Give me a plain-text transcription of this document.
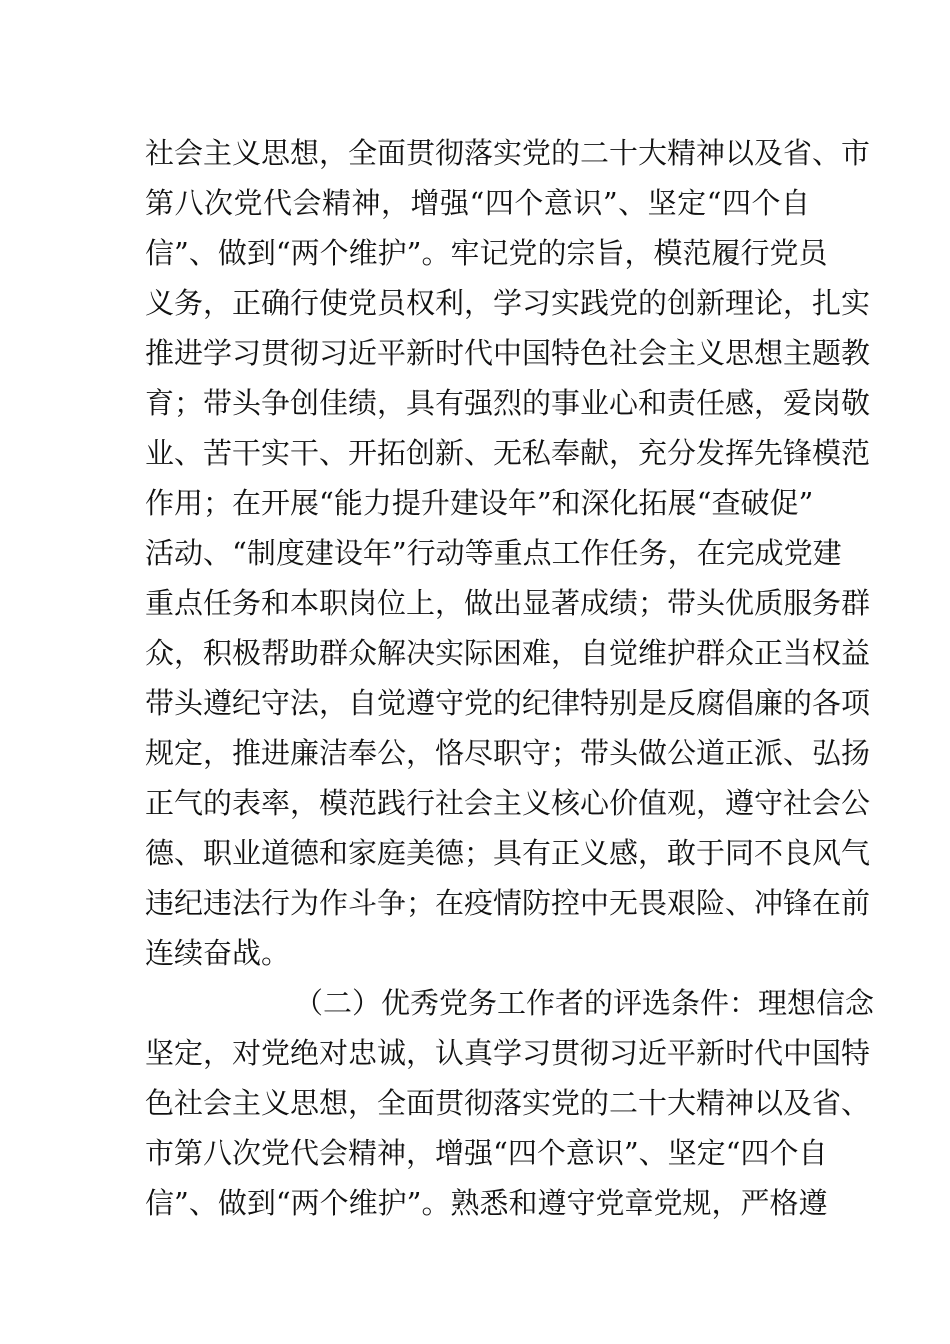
社会主义思想，全面贯彻落实党的二十大精神以及省、市
第八次党代会精神，增强“四个意识”、坚定“四个自
信”、做到“两个维护”。牢记党的宗旨，模范履行党员
义务，正确行使党员权利，学习实践党的创新理论，扎实
推进学习贯彻习近平新时代中国特色社会主义思想主题教
育；带头争创佳绩，具有强烈的事业心和责任感，爱岗敬
业、苦干实干、开拓创新、无私奉献，充分发挥先锋模范
作用；在开展“能力提升建设年”和深化拓展“查破促”
活动、“制度建设年”行动等重点工作任务，在完成党建
重点任务和本职岗位上，做出显著成绩；带头优质服务群
众，积极帮助群众解决实际困难，自觉维护群众正当权益
带头遵纪守法，自觉遵守党的纪律特别是反腐倡廉的各项
规定，推进廉洁奉公，恪尽职守；带头做公道正派、弘扬
正气的表率，模范践行社会主义核心价值观，遵守社会公
德、职业道德和家庭美德；具有正义感，敢于同不良风气
违纪违法行为作斗争；在疫情防控中无畏艰险、冲锋在前
连续奋战。
（二）优秀党务工作者的评选条件：理想信念
坚定，对党绝对忠诚，认真学习贯彻习近平新时代中国特
色社会主义思想，全面贯彻落实党的二十大精神以及省、
市第八次党代会精神，增强“四个意识”、坚定“四个自
信”、做到“两个维护”。熟悉和遵守党章党规，严格遵
